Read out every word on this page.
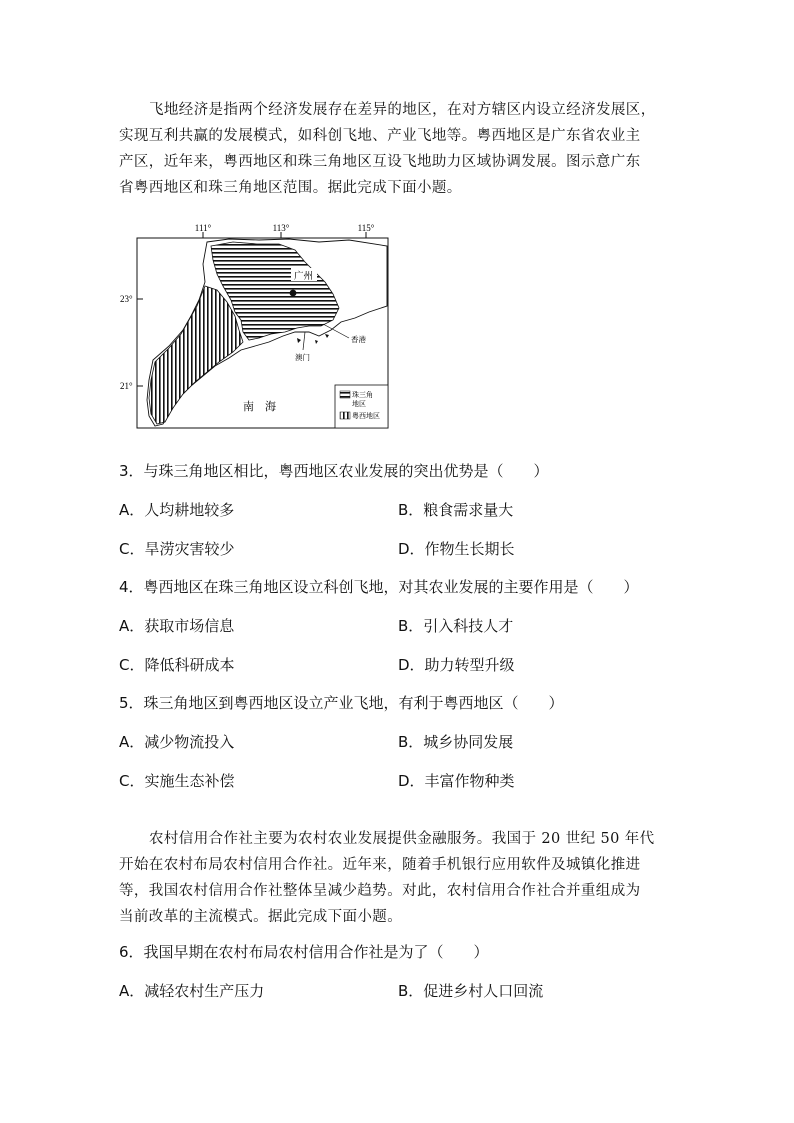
飞地经济是指两个经济发展存在差异的地区，在对方辖区内设立经济发展区，

实现互利共赢的发展模式，如科创飞地、产业飞地等。粤西地区是广东省农业主

产区，近年来，粤西地区和珠三角地区互设飞地助力区域协调发展。图示意广东

省粤西地区和珠三角地区范围。据此完成下面小题。

111°	113°	115°
23°
21°
广州
澳门
香港
南　海
珠三角
地区
粤西地区
3．与珠三角地区相比，粤西地区农业发展的突出优势是（　　）
A．人均耕地较多	B．粮食需求量大
C．旱涝灾害较少	D．作物生长期长
4．粤西地区在珠三角地区设立科创飞地，对其农业发展的主要作用是（　　）
A．获取市场信息	B．引入科技人才
C．降低科研成本	D．助力转型升级
5．珠三角地区到粤西地区设立产业飞地，有利于粤西地区（　　）
A．减少物流投入	B．城乡协同发展
C．实施生态补偿	D．丰富作物种类

农村信用合作社主要为农村农业发展提供金融服务。我国于 20 世纪 50 年代

开始在农村布局农村信用合作社。近年来，随着手机银行应用软件及城镇化推进

等，我国农村信用合作社整体呈减少趋势。对此，农村信用合作社合并重组成为

当前改革的主流模式。据此完成下面小题。

6．我国早期在农村布局农村信用合作社是为了（　　）
A．减轻农村生产压力	B．促进乡村人口回流
